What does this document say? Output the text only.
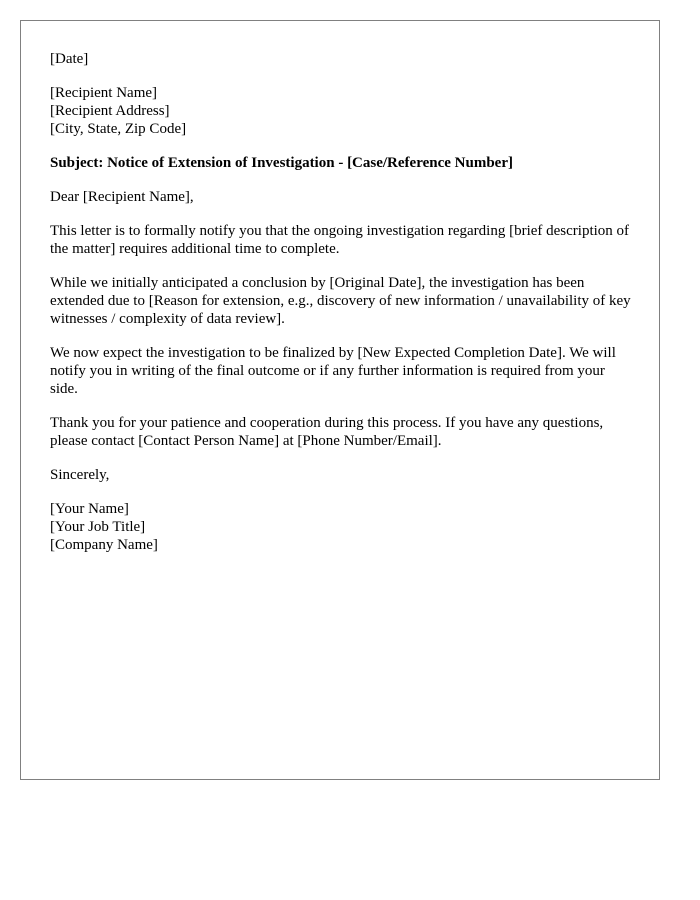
[Date]
[Recipient Name]
[Recipient Address]
[City, State, Zip Code]
Subject: Notice of Extension of Investigation - [Case/Reference Number]
Dear [Recipient Name],

This letter is to formally notify you that the ongoing investigation regarding [brief description of the matter] requires additional time to complete.

While we initially anticipated a conclusion by [Original Date], the investigation has been extended due to [Reason for extension, e.g., discovery of new information / unavailability of key witnesses / complexity of data review].

We now expect the investigation to be finalized by [New Expected Completion Date]. We will notify you in writing of the final outcome or if any further information is required from your side.

Thank you for your patience and cooperation during this process. If you have any questions, please contact [Contact Person Name] at [Phone Number/Email].

Sincerely,
[Your Name]
[Your Job Title]
[Company Name]
